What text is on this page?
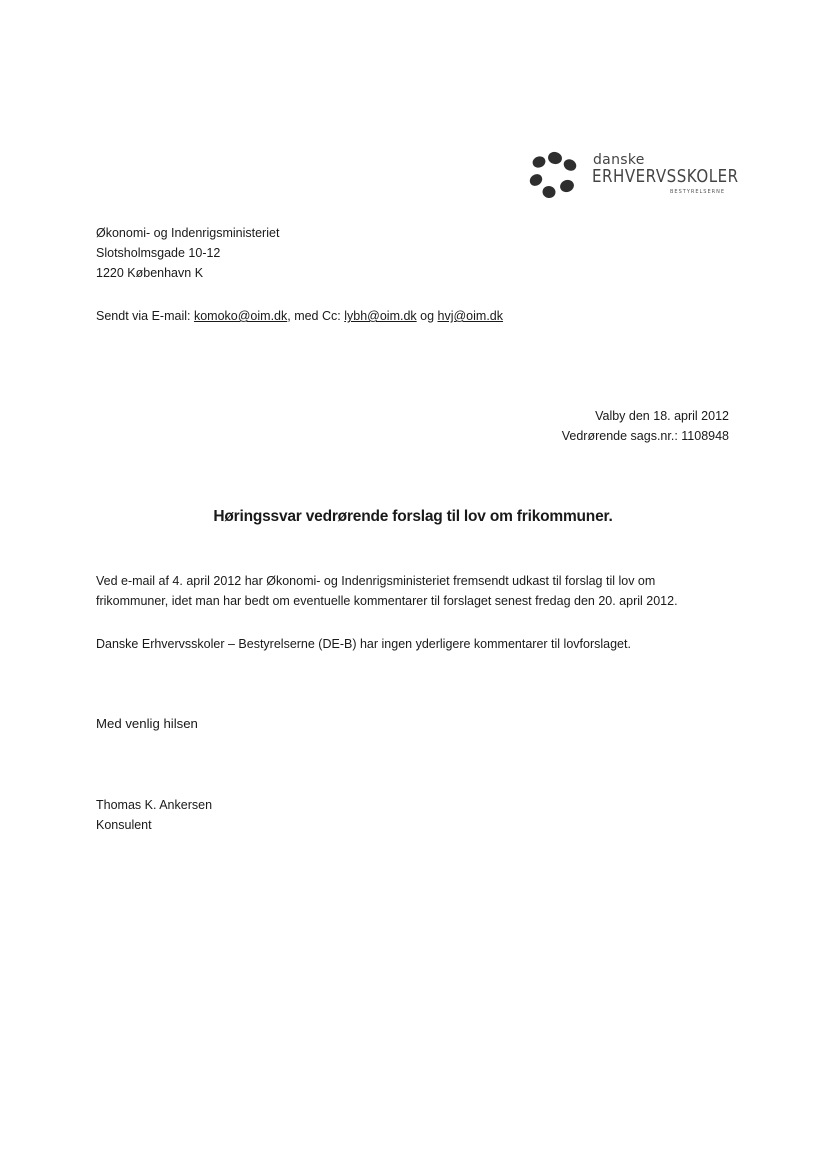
danske
ERHVERVSSKOLER
BESTYRELSERNE
Økonomi- og Indenrigsministeriet
Slotsholmsgade 10-12
1220 København K
Sendt via E-mail: komoko@oim.dk, med Cc: lybh@oim.dk og hvj@oim.dk
Valby den 18. april 2012
Vedrørende sags.nr.: 1108948
Høringssvar vedrørende forslag til lov om frikommuner.
Ved e-mail af 4. april 2012 har Økonomi- og Indenrigsministeriet fremsendt udkast til forslag til lov om
frikommuner, idet man har bedt om eventuelle kommentarer til forslaget senest fredag den 20. april 2012.
Danske Erhvervsskoler – Bestyrelserne (DE-B) har ingen yderligere kommentarer til lovforslaget.
Med venlig hilsen
Thomas K. Ankersen
Konsulent
